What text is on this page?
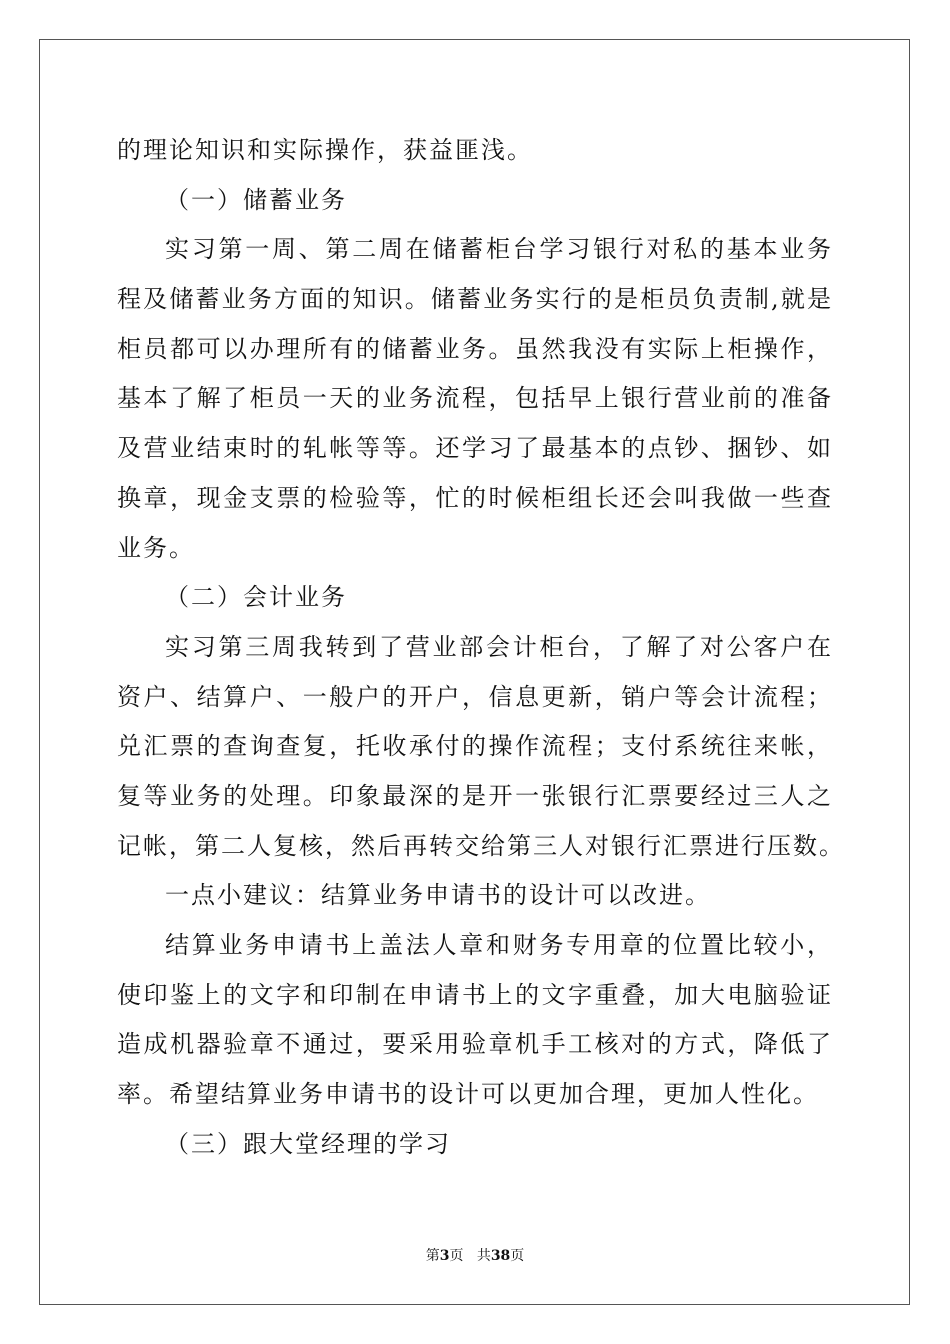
的理论知识和实际操作，获益匪浅。
（一）储蓄业务
实习第一周、第二周在储蓄柜台学习银行对私的基本业务
程及储蓄业务方面的知识。储蓄业务实行的是柜员负责制,就是
柜员都可以办理所有的储蓄业务。虽然我没有实际上柜操作，
基本了解了柜员一天的业务流程，包括早上银行营业前的准备
及营业结束时的轧帐等等。还学习了最基本的点钞、捆钞、如
换章，现金支票的检验等，忙的时候柜组长还会叫我做一些查
业务。
（二）会计业务
实习第三周我转到了营业部会计柜台，了解了对公客户在
资户、结算户、一般户的开户，信息更新，销户等会计流程；
兑汇票的查询查复，托收承付的操作流程；支付系统往来帐，
复等业务的处理。印象最深的是开一张银行汇票要经过三人之
记帐，第二人复核，然后再转交给第三人对银行汇票进行压数。
一点小建议：结算业务申请书的设计可以改进。
结算业务申请书上盖法人章和财务专用章的位置比较小，
使印鉴上的文字和印制在申请书上的文字重叠，加大电脑验证
造成机器验章不通过，要采用验章机手工核对的方式，降低了
率。希望结算业务申请书的设计可以更加合理，更加人性化。
（三）跟大堂经理的学习
第3页 共38页
